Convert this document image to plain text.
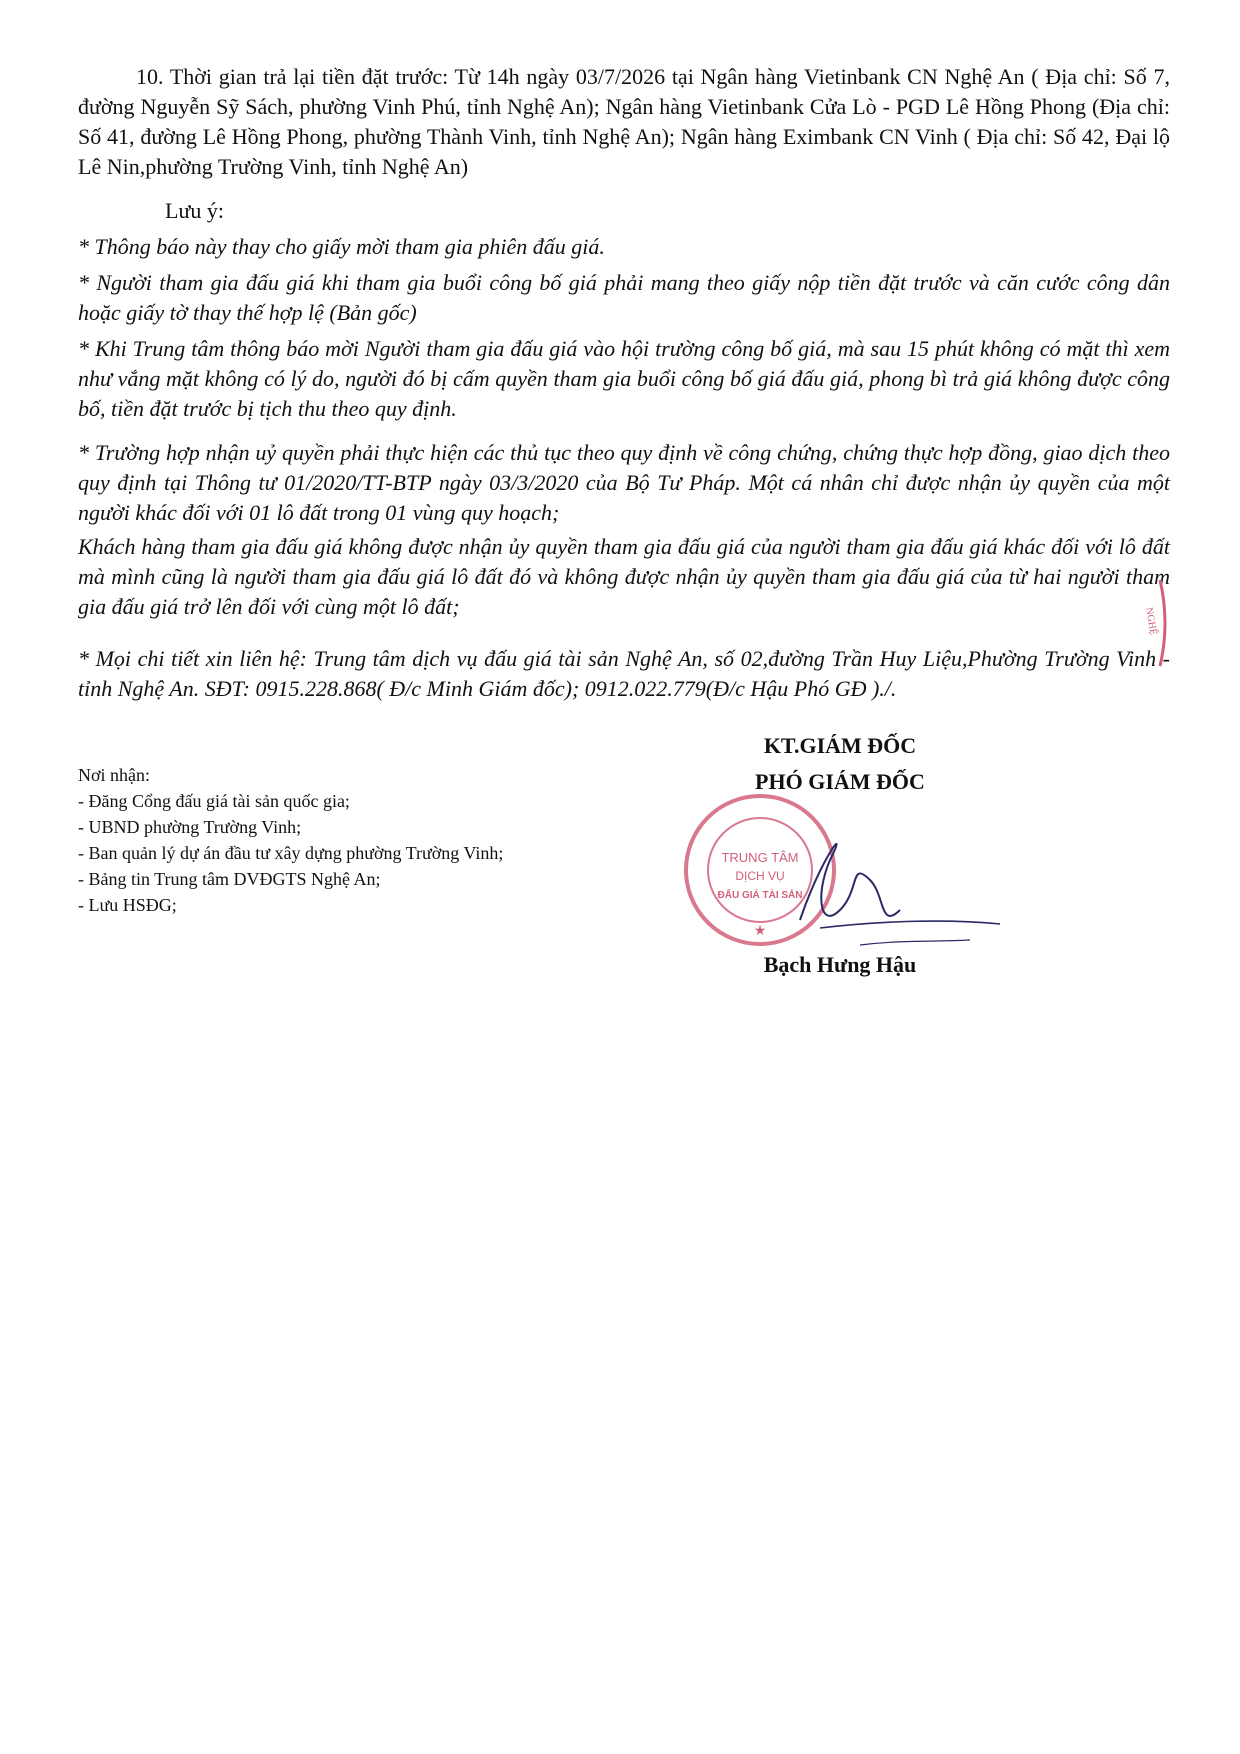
10. Thời gian trả lại tiền đặt trước: Từ 14h ngày 03/7/2026 tại Ngân hàng Vietinbank CN Nghệ An ( Địa chỉ: Số 7, đường Nguyễn Sỹ Sách, phường Vinh Phú, tỉnh Nghệ An); Ngân hàng Vietinbank Cửa Lò - PGD Lê Hồng Phong (Địa chỉ: Số 41, đường Lê Hồng Phong, phường Thành Vinh, tỉnh Nghệ An); Ngân hàng Eximbank CN Vinh ( Địa chỉ: Số 42, Đại lộ Lê Nin,phường Trường Vinh, tỉnh Nghệ An)

Lưu ý:

* Thông báo này thay cho giấy mời tham gia phiên đấu giá.

* Người tham gia đấu giá khi tham gia buổi công bố giá phải mang theo giấy nộp tiền đặt trước và căn cước công dân hoặc giấy tờ thay thế hợp lệ (Bản gốc)

* Khi Trung tâm thông báo mời Người tham gia đấu giá vào hội trường công bố giá, mà sau 15 phút không có mặt thì xem như vắng mặt không có lý do, người đó bị cấm quyền tham gia buổi công bố giá đấu giá, phong bì trả giá không được công bố, tiền đặt trước bị tịch thu theo quy định.

* Trường hợp nhận uỷ quyền phải thực hiện các thủ tục theo quy định về công chứng, chứng thực hợp đồng, giao dịch theo quy định tại Thông tư 01/2020/TT-BTP ngày 03/3/2020 của Bộ Tư Pháp. Một cá nhân chỉ được nhận ủy quyền của một người khác đối với 01 lô đất trong 01 vùng quy hoạch;

Khách hàng tham gia đấu giá không được nhận ủy quyền tham gia đấu giá của người tham gia đấu giá khác đối với lô đất mà mình cũng là người tham gia đấu giá lô đất đó và không được nhận ủy quyền tham gia đấu giá của từ hai người tham gia đấu giá trở lên đối với cùng một lô đất;

* Mọi chi tiết xin liên hệ: Trung tâm dịch vụ đấu giá tài sản Nghệ An, số 02,đường Trần Huy Liệu,Phường Trường Vinh - tỉnh Nghệ An. SĐT: 0915.228.868( Đ/c Minh Giám đốc); 0912.022.779(Đ/c Hậu Phó GĐ )./.

NGHỆ
Nơi nhận:
- Đăng Cổng đấu giá tài sản quốc gia;
- UBND phường Trường Vinh;
- Ban quản lý dự án đầu tư xây dựng phường Trường Vinh;
- Bảng tin Trung tâm DVĐGTS Nghệ An;
- Lưu HSĐG;
KT.GIÁM ĐỐC
PHÓ GIÁM ĐỐC
TRUNG TÂM
DỊCH VỤ
ĐẤU GIÁ TÀI SẢN
★
Bạch Hưng Hậu
